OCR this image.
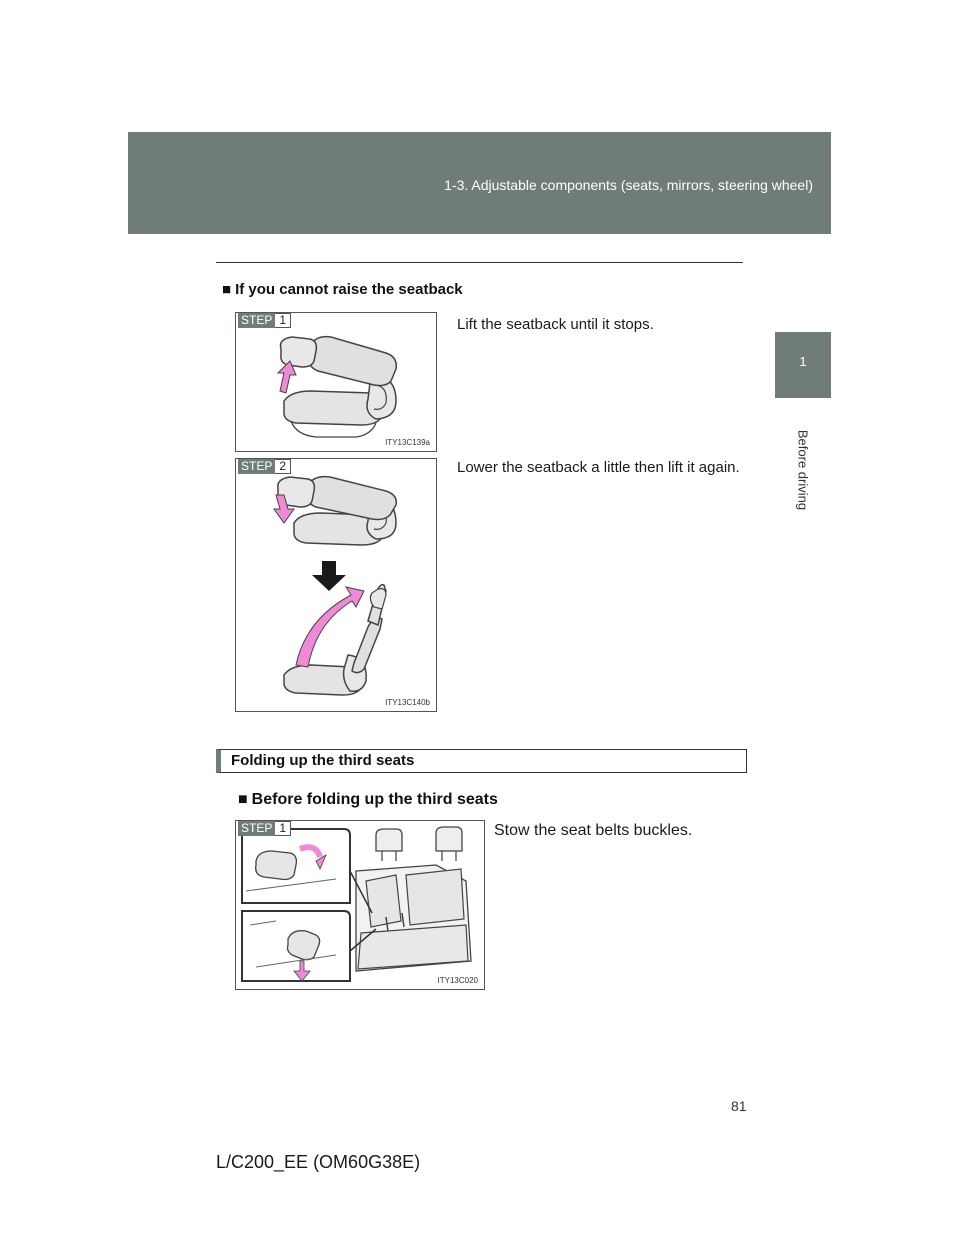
1-3. Adjustable components (seats, mirrors, steering wheel)
1
Before driving
■ If you cannot raise the seatback
STEP 1
ITY13C139a
Lift the seatback until it stops.
STEP 2
ITY13C140b
Lower the seatback a little then lift it again.
Folding up the third seats
■ Before folding up the third seats
STEP 1
ITY13C020
Stow the seat belts buckles.
81
L/C200_EE (OM60G38E)
